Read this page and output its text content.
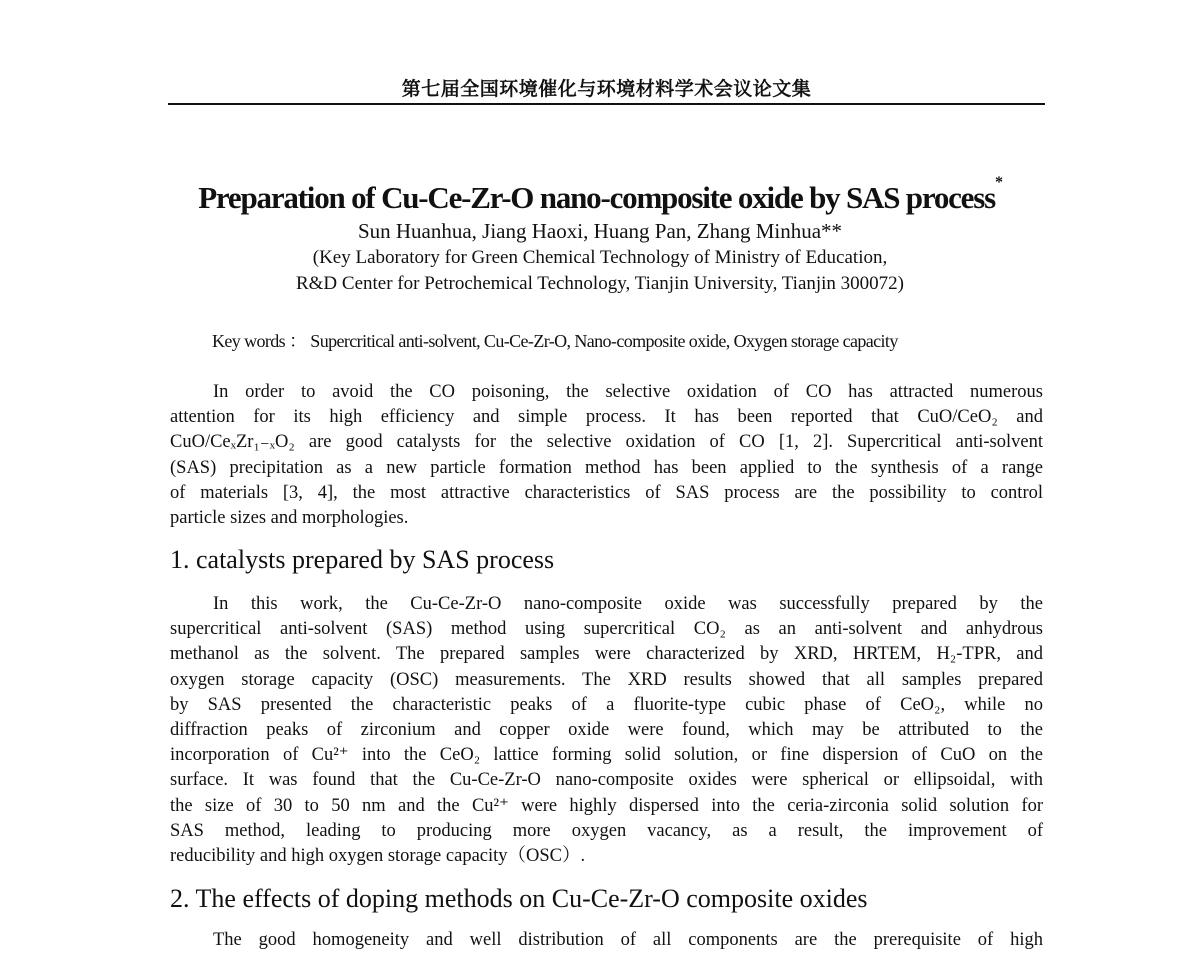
第七届全国环境催化与环境材料学术会议论文集
Preparation of Cu-Ce-Zr-O nano-composite oxide by SAS process*
Sun Huanhua, Jiang Haoxi, Huang Pan, Zhang Minhua**
(Key Laboratory for Green Chemical Technology of Ministry of Education,
R&D Center for Petrochemical Technology, Tianjin University, Tianjin 300072)
Key words ： Supercritical anti-solvent, Cu-Ce-Zr-O, Nano-composite oxide, Oxygen storage capacity
In order to avoid the CO poisoning, the selective oxidation of CO has attracted numerous
attention for its high efficiency and simple process. It has been reported that CuO/CeO₂ and
CuO/CeₓZr₁₋ₓO₂ are good catalysts for the selective oxidation of CO [1, 2]. Supercritical anti-solvent
(SAS) precipitation as a new particle formation method has been applied to the synthesis of a range
of materials [3, 4], the most attractive characteristics of SAS process are the possibility to control
particle sizes and morphologies.
1. catalysts prepared by SAS process
In this work, the Cu-Ce-Zr-O nano-composite oxide was successfully prepared by the
supercritical anti-solvent (SAS) method using supercritical CO₂ as an anti-solvent and anhydrous
methanol as the solvent. The prepared samples were characterized by XRD, HRTEM, H₂-TPR, and
oxygen storage capacity (OSC) measurements. The XRD results showed that all samples prepared
by SAS presented the characteristic peaks of a fluorite-type cubic phase of CeO₂, while no
diffraction peaks of zirconium and copper oxide were found, which may be attributed to the
incorporation of Cu²⁺ into the CeO₂ lattice forming solid solution, or fine dispersion of CuO on the
surface. It was found that the Cu-Ce-Zr-O nano-composite oxides were spherical or ellipsoidal, with
the size of 30 to 50 nm and the Cu²⁺ were highly dispersed into the ceria-zirconia solid solution for
SAS method, leading to producing more oxygen vacancy, as a result, the improvement of
reducibility and high oxygen storage capacity（OSC）.
2. The effects of doping methods on Cu-Ce-Zr-O composite oxides
The good homogeneity and well distribution of all components are the prerequisite of high
